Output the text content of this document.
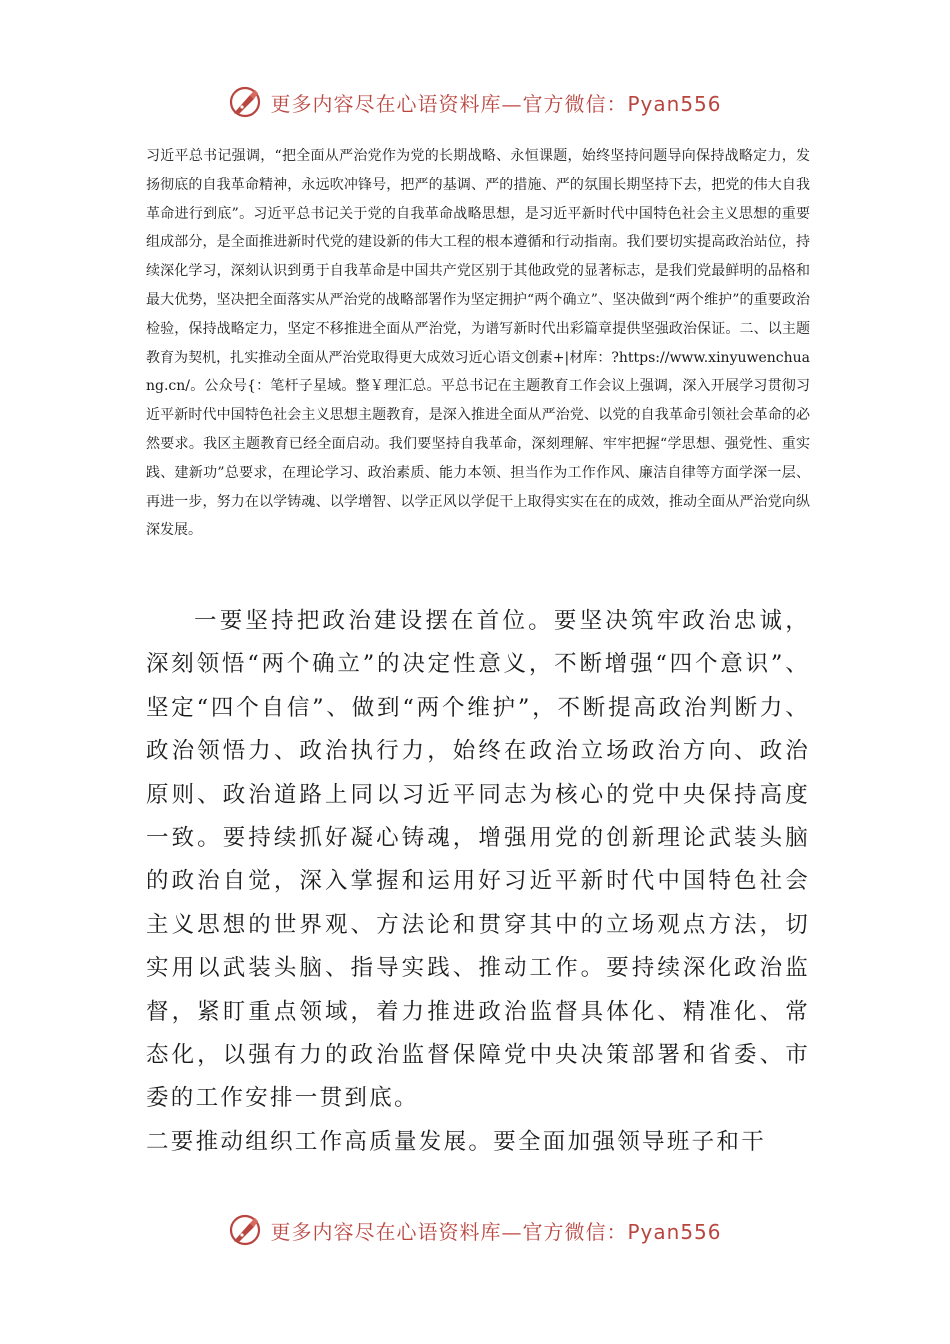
更多内容尽在心语资料库—官方微信：Pyan556

习近平总书记强调，“把全面从严治党作为党的长期战略、永恒课题，始终坚持问题导向保持战略定力，发扬彻底的自我革命精神，永远吹冲锋号，把严的基调、严的措施、严的氛围长期坚持下去，把党的伟大自我革命进行到底”。习近平总书记关于党的自我革命战略思想，是习近平新时代中国特色社会主义思想的重要组成部分，是全面推进新时代党的建设新的伟大工程的根本遵循和行动指南。我们要切实提高政治站位，持续深化学习，深刻认识到勇于自我革命是中国共产党区别于其他政党的显著标志，是我们党最鲜明的品格和最大优势，坚决把全面落实从严治党的战略部署作为坚定拥护“两个确立”、坚决做到“两个维护”的重要政治检验，保持战略定力，坚定不移推进全面从严治党，为谱写新时代出彩篇章提供坚强政治保证。二、以主题教育为契机，扎实推动全面从严治党取得更大成效习近心语文创素+|材库：?https://www.xinyuwenchuang.cn/。公众号{：笔杆子星域。整￥理汇总。平总书记在主题教育工作会议上强调，深入开展学习贯彻习近平新时代中国特色社会主义思想主题教育，是深入推进全面从严治党、以党的自我革命引领社会革命的必然要求。我区主题教育已经全面启动。我们要坚持自我革命，深刻理解、牢牢把握“学思想、强党性、重实践、建新功”总要求，在理论学习、政治素质、能力本领、担当作为工作作风、廉洁自律等方面学深一层、再进一步，努力在以学铸魂、以学增智、以学正风以学促干上取得实实在在的成效，推动全面从严治党向纵深发展。

一要坚持把政治建设摆在首位。要坚决筑牢政治忠诚，深刻领悟“两个确立”的决定性意义，不断增强“四个意识”、坚定“四个自信”、做到“两个维护”，不断提高政治判断力、政治领悟力、政治执行力，始终在政治立场政治方向、政治原则、政治道路上同以习近平同志为核心的党中央保持高度一致。要持续抓好凝心铸魂，增强用党的创新理论武装头脑的政治自觉，深入掌握和运用好习近平新时代中国特色社会主义思想的世界观、方法论和贯穿其中的立场观点方法，切实用以武装头脑、指导实践、推动工作。要持续深化政治监督，紧盯重点领域，着力推进政治监督具体化、精准化、常态化，以强有力的政治监督保障党中央决策部署和省委、市委的工作安排一贯到底。
二要推动组织工作高质量发展。要全面加强领导班子和干
更多内容尽在心语资料库—官方微信：Pyan556
